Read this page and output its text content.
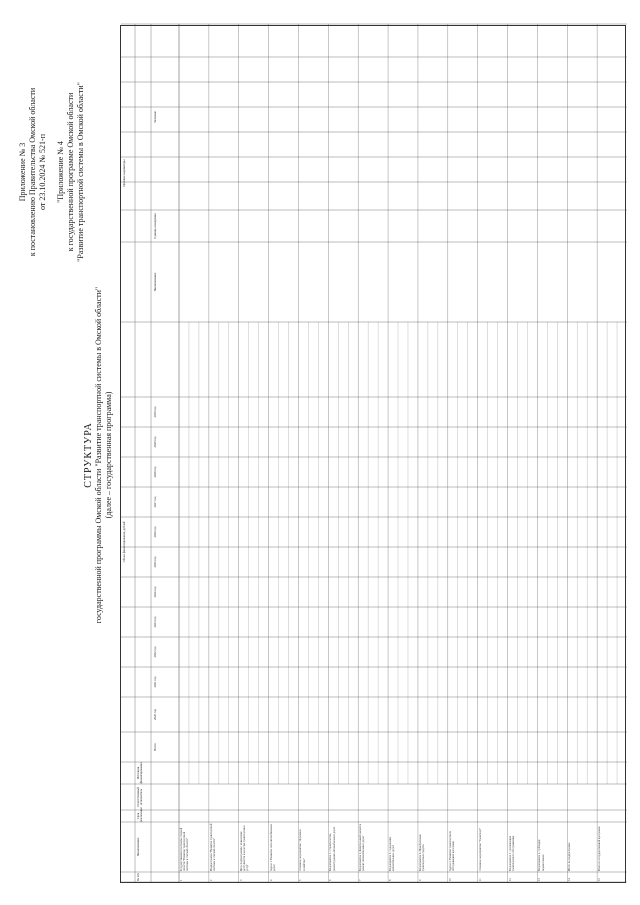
Приложение № 3 к постановлению Правительства Омской области от 23.10.2024 № 521-п "Приложение № 4 к государственной программе Омской области "Развитие транспортной системы в Омской области"
СТРУКТУРА государственной программы Омской области "Развитие транспортной системы в Омской области" (далее – государственная программа)
№ п/п
Наименование
Срок реализации
Ответственный исполнитель
Источник финансирования
Объем финансирования, рублей
Всего
2020 год
2021 год
2022 год
2023 год
2024 год
2025 год
2026 год
2027 год
2028 год
2029 год
2030 год
Целевые индикаторы
Наименование
Единица измерения
Значение
1
Государственная программа Омской области "Развитие транспортной системы в Омской области"
2
Подпрограмма "Развитие транспортной системы в Омской области"
3
Цель подпрограммы: повышение доступности и качества транспортных услуг
4
Задача 1. Развитие сети автомобильных дорог
5
Основное мероприятие "Дорожное хозяйство"
6
Мероприятие 1. Строительство, реконструкция автомобильных дорог
7
Мероприятие 2. Капитальный ремонт и ремонт автомобильных дорог
8
Мероприятие 3. Содержание автомобильных дорог
9
Мероприятие 4. Приобретение транспортных средств
10
Задача 2. Развитие транспортного обслуживания населения
11
Основное мероприятие "Транспорт"
12
Мероприятие 1. Организация транспортного обслуживания
13
Мероприятие 2. Субсидии перевозчикам
14
Итого по подпрограмме
15
Всего по государственной программе
